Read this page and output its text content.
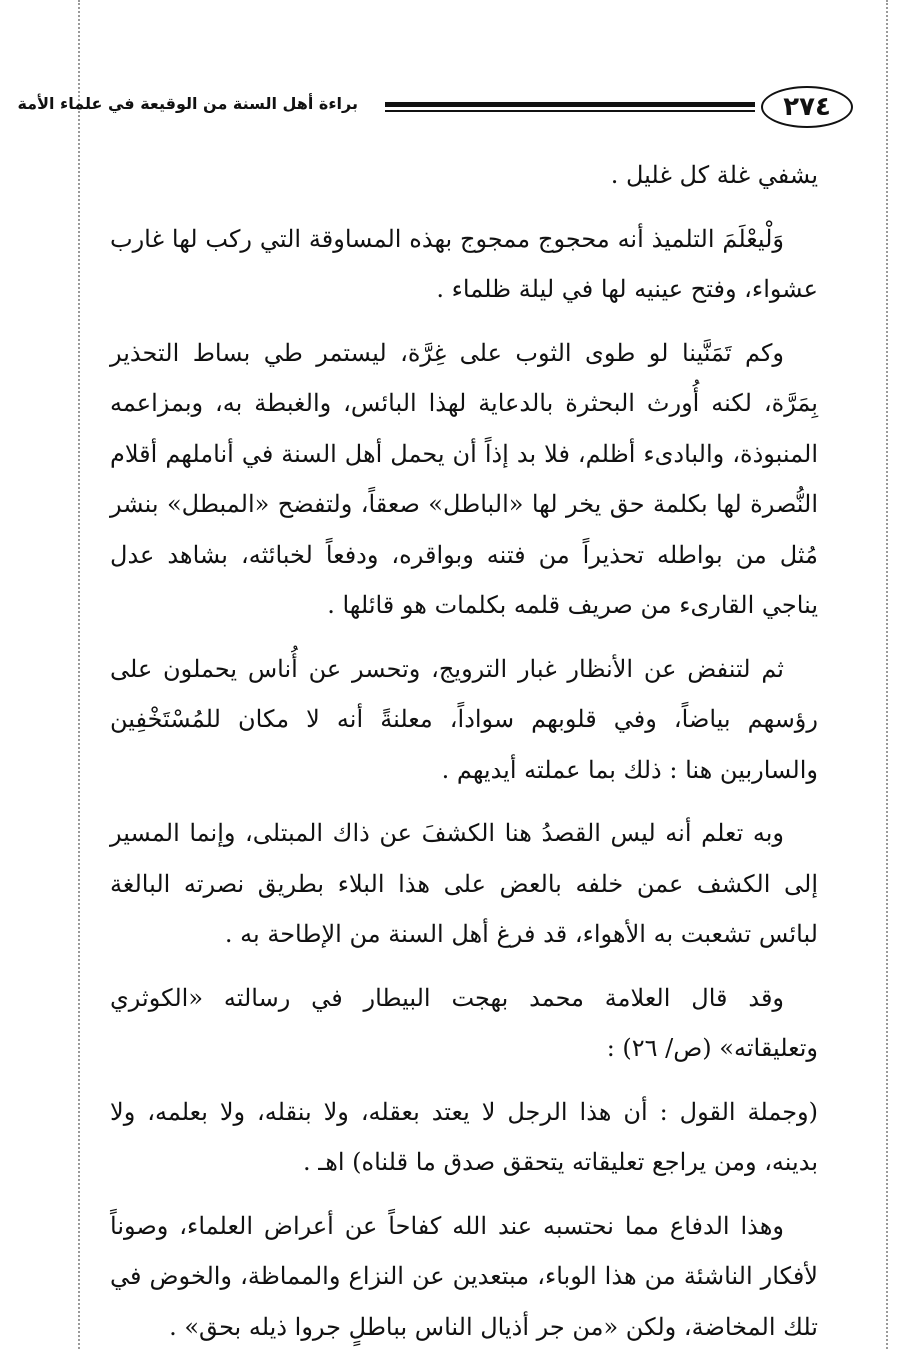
براءة أهل السنة من الوقيعة في علماء الأمة	٢٧٤

يشفي غلة كل غليل .

وَلْيعْلَمَ التلميذ أنه محجوج ممجوج بهذه المساوقة التي ركب لها غارب عشواء، وفتح عينيه لها في ليلة ظلماء .

وكم تَمَنَّينا لو طوى الثوب على غِرَّة، ليستمر طي بساط التحذير بِمَرَّة، لكنه أُورث البحثرة بالدعاية لهذا البائس، والغبطة به، وبمزاعمه المنبوذة، والبادىء أظلم، فلا بد إذاً أن يحمل أهل السنة في أناملهم أقلام النُّصرة لها بكلمة حق يخر لها «الباطل» صعقاً، ولتفضح «المبطل» بنشر مُثل من بواطله تحذيراً من فتنه وبواقره، ودفعاً لخبائثه، بشاهد عدل يناجي القارىء من صريف قلمه بكلمات هو قائلها .

ثم لتنفض عن الأنظار غبار الترويج، وتحسر عن أُناس يحملون على رؤسهم بياضاً، وفي قلوبهم سواداً، معلنةً أنه لا مكان للمُسْتَخْفِين والساربين هنا : ذلك بما عملته أيديهم .

وبه تعلم أنه ليس القصدُ هنا الكشفَ عن ذاك المبتلى، وإنما المسير إلى الكشف عمن خلفه بالعض على هذا البلاء بطريق نصرته البالغة لبائس تشعبت به الأهواء، قد فرغ أهل السنة من الإطاحة به .

وقد قال العلامة محمد بهجت البيطار في رسالته «الكوثري وتعليقاته» (ص/ ٢٦) :

(وجملة القول : أن هذا الرجل لا يعتد بعقله، ولا بنقله، ولا بعلمه، ولا بدينه، ومن يراجع تعليقاته يتحقق صدق ما قلناه) اهـ .

وهذا الدفاع مما نحتسبه عند الله كفاحاً عن أعراض العلماء، وصوناً لأفكار الناشئة من هذا الوباء، مبتعدين عن النزاع والمماظة، والخوض في تلك المخاضة، ولكن «من جر أذيال الناس بباطلٍ جروا ذيله بحق» .
